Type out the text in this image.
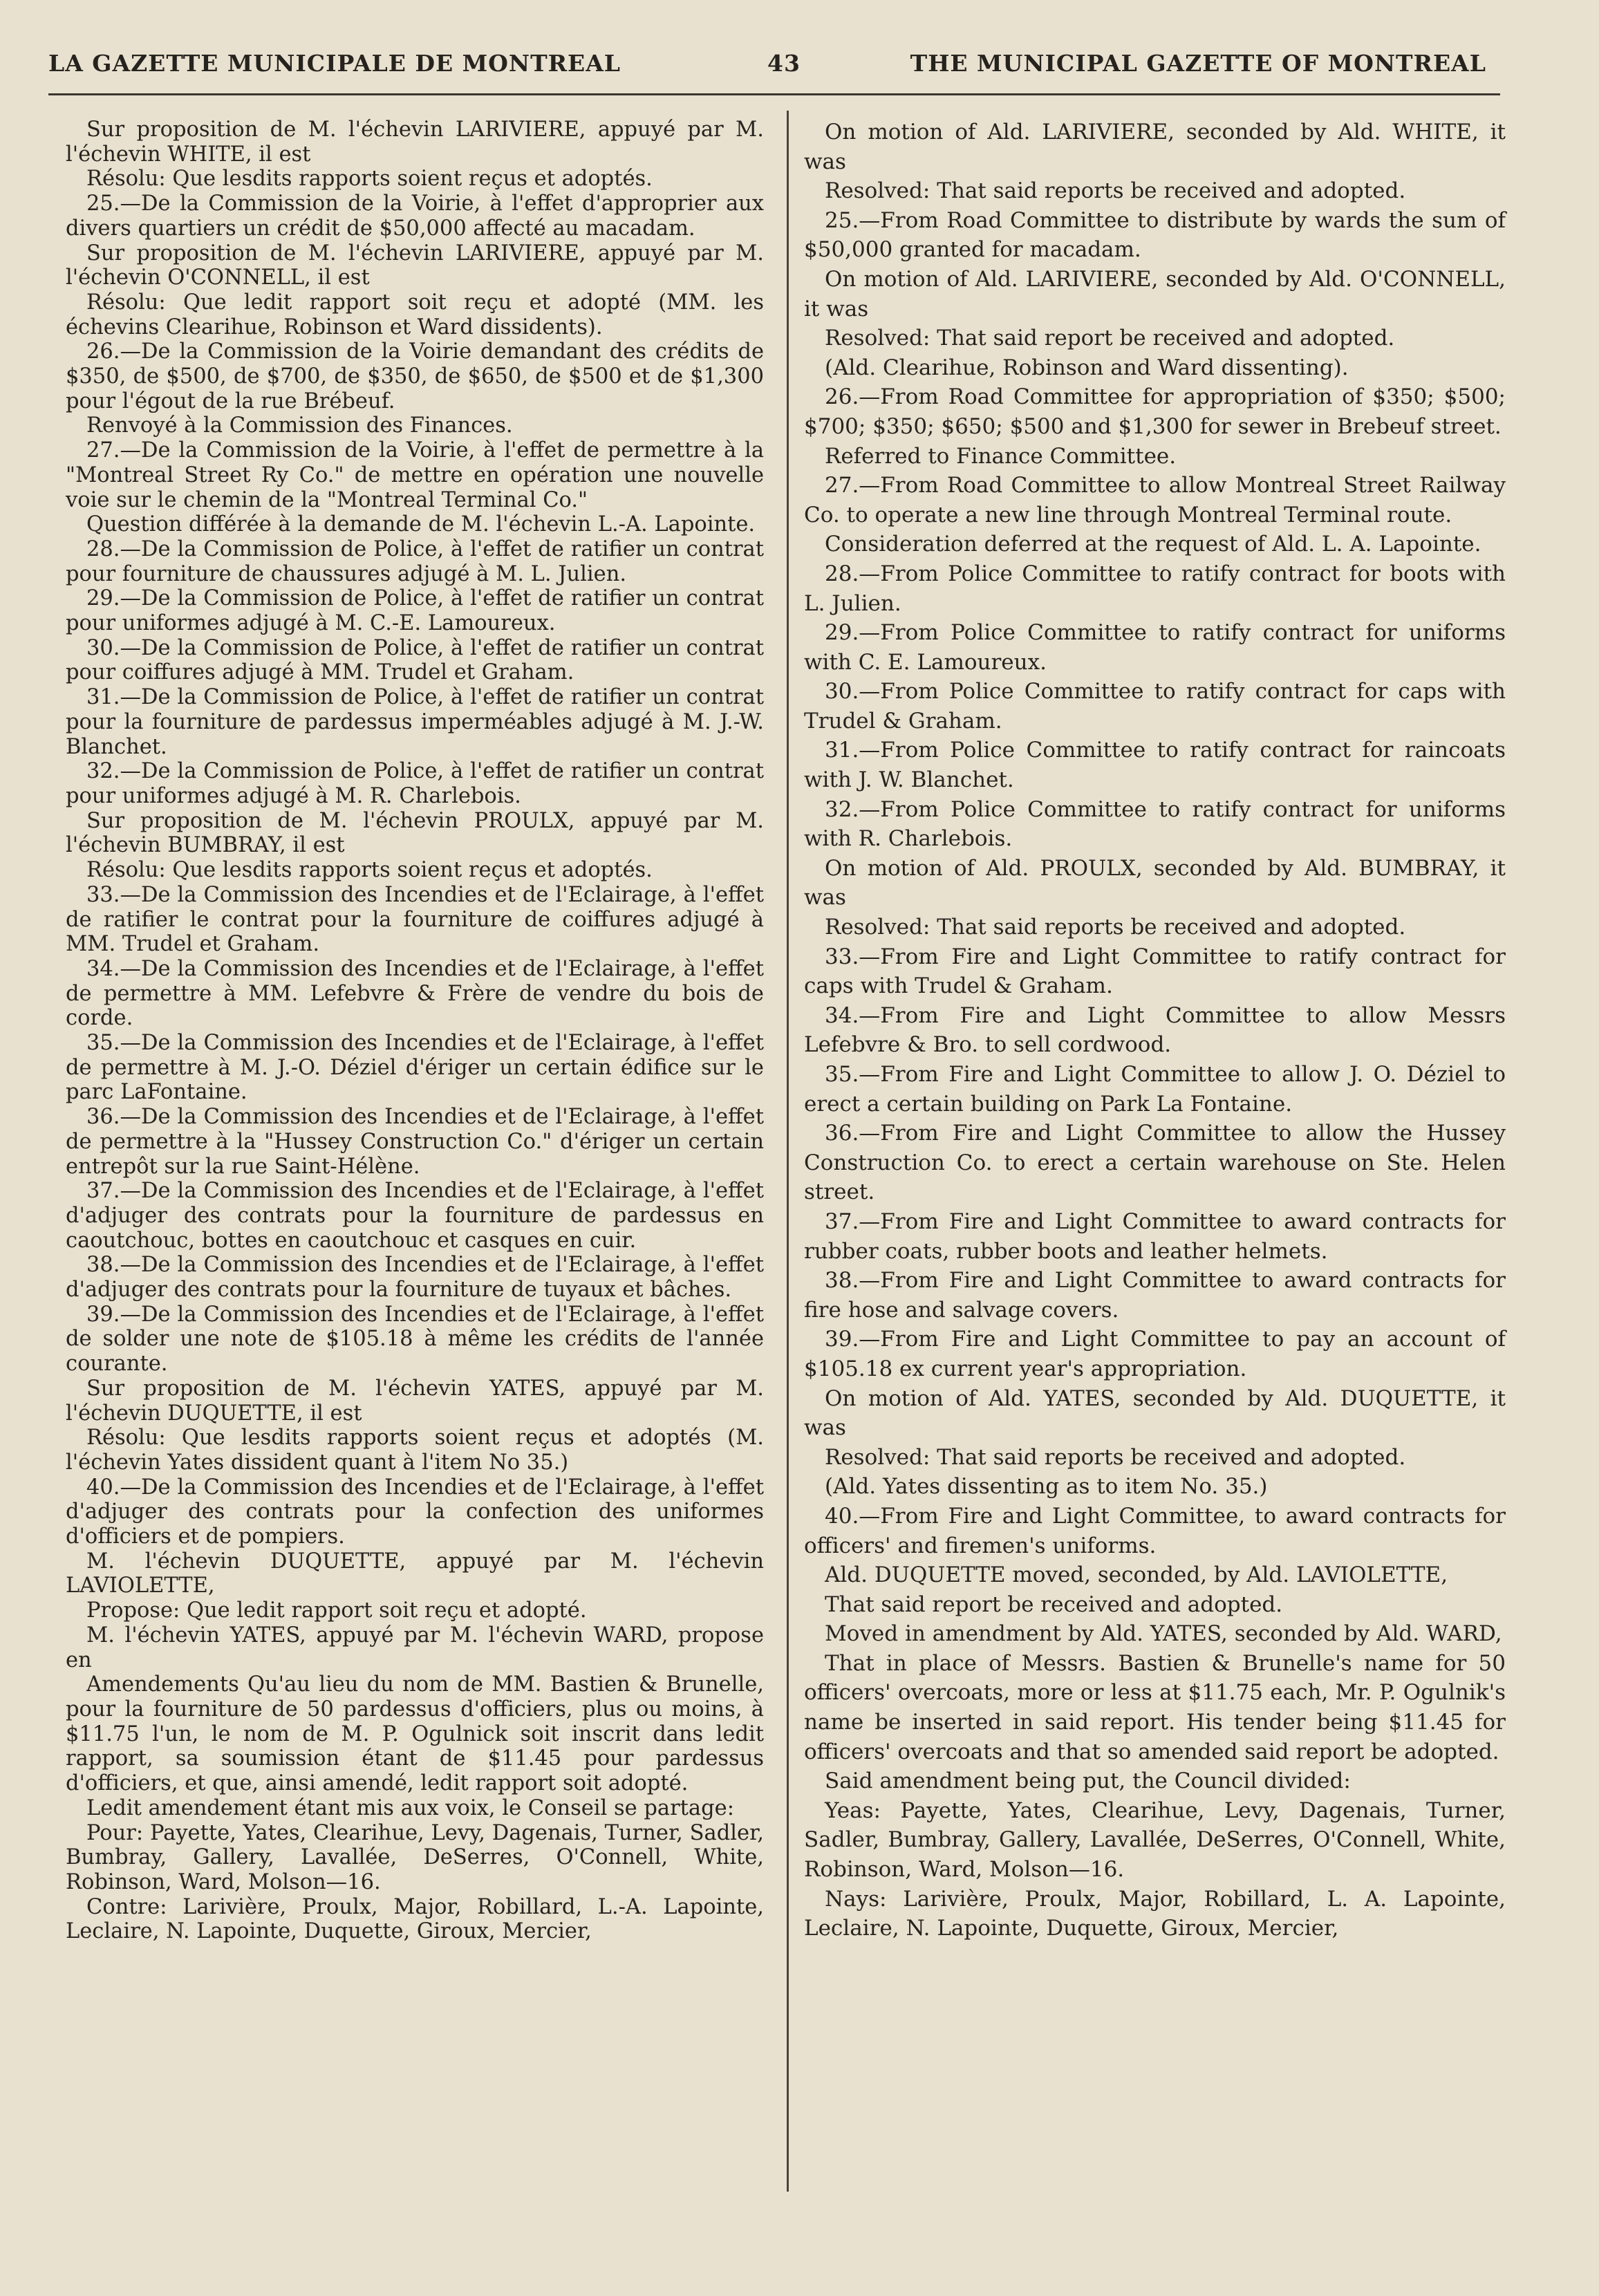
LA GAZETTE MUNICIPALE DE MONTREAL	43	THE MUNICIPAL GAZETTE OF MONTREAL

Sur proposition de M. l'échevin LARIVIERE, appuyé par M. l'échevin WHITE, il est

Résolu: Que lesdits rapports soient reçus et adoptés.

25.—De la Commission de la Voirie, à l'effet d'approprier aux divers quartiers un crédit de $50,000 affecté au macadam.

Sur proposition de M. l'échevin LARIVIERE, appuyé par M. l'échevin O'CONNELL, il est

Résolu: Que ledit rapport soit reçu et adopté (MM. les échevins Clearihue, Robinson et Ward dissidents).

26.—De la Commission de la Voirie demandant des crédits de $350, de $500, de $700, de $350, de $650, de $500 et de $1,300 pour l'égout de la rue Brébeuf.

Renvoyé à la Commission des Finances.

27.—De la Commission de la Voirie, à l'effet de permettre à la "Montreal Street Ry Co." de mettre en opération une nouvelle voie sur le chemin de la "Montreal Terminal Co."

Question différée à la demande de M. l'échevin L.-A. Lapointe.

28.—De la Commission de Police, à l'effet de ratifier un contrat pour fourniture de chaussures adjugé à M. L. Julien.

29.—De la Commission de Police, à l'effet de ratifier un contrat pour uniformes adjugé à M. C.-E. Lamoureux.

30.—De la Commission de Police, à l'effet de ratifier un contrat pour coiffures adjugé à MM. Trudel et Graham.

31.—De la Commission de Police, à l'effet de ratifier un contrat pour la fourniture de pardessus imperméables adjugé à M. J.-W. Blanchet.

32.—De la Commission de Police, à l'effet de ratifier un contrat pour uniformes adjugé à M. R. Charlebois.

Sur proposition de M. l'échevin PROULX, appuyé par M. l'échevin BUMBRAY, il est

Résolu: Que lesdits rapports soient reçus et adoptés.

33.—De la Commission des Incendies et de l'Eclairage, à l'effet de ratifier le contrat pour la fourniture de coiffures adjugé à MM. Trudel et Graham.

34.—De la Commission des Incendies et de l'Eclairage, à l'effet de permettre à MM. Lefebvre & Frère de vendre du bois de corde.

35.—De la Commission des Incendies et de l'Eclairage, à l'effet de permettre à M. J.-O. Déziel d'ériger un certain édifice sur le parc LaFontaine.

36.—De la Commission des Incendies et de l'Eclairage, à l'effet de permettre à la "Hussey Construction Co." d'ériger un certain entrepôt sur la rue Saint-Hélène.

37.—De la Commission des Incendies et de l'Eclairage, à l'effet d'adjuger des contrats pour la fourniture de pardessus en caoutchouc, bottes en caoutchouc et casques en cuir.

38.—De la Commission des Incendies et de l'Eclairage, à l'effet d'adjuger des contrats pour la fourniture de tuyaux et bâches.

39.—De la Commission des Incendies et de l'Eclairage, à l'effet de solder une note de $105.18 à même les crédits de l'année courante.

Sur proposition de M. l'échevin YATES, appuyé par M. l'échevin DUQUETTE, il est

Résolu: Que lesdits rapports soient reçus et adoptés (M. l'échevin Yates dissident quant à l'item No 35.)

40.—De la Commission des Incendies et de l'Eclairage, à l'effet d'adjuger des contrats pour la confection des uniformes d'officiers et de pompiers.

M. l'échevin DUQUETTE, appuyé par M. l'échevin LAVIOLETTE,

Propose: Que ledit rapport soit reçu et adopté.

M. l'échevin YATES, appuyé par M. l'échevin WARD, propose en

Amendements Qu'au lieu du nom de MM. Bastien & Brunelle, pour la fourniture de 50 pardessus d'officiers, plus ou moins, à $11.75 l'un, le nom de M. P. Ogulnick soit inscrit dans ledit rapport, sa soumission étant de $11.45 pour pardessus d'officiers, et que, ainsi amendé, ledit rapport soit adopté.

Ledit amendement étant mis aux voix, le Conseil se partage:

Pour: Payette, Yates, Clearihue, Levy, Dagenais, Turner, Sadler, Bumbray, Gallery, Lavallée, DeSerres, O'Connell, White, Robinson, Ward, Molson—16.

Contre: Larivière, Proulx, Major, Robillard, L.-A. Lapointe, Leclaire, N. Lapointe, Duquette, Giroux, Mercier,

On motion of Ald. LARIVIERE, seconded by Ald. WHITE, it was

Resolved: That said reports be received and adopted.

25.—From Road Committee to distribute by wards the sum of $50,000 granted for macadam.

On motion of Ald. LARIVIERE, seconded by Ald. O'CONNELL, it was

Resolved: That said report be received and adopted.

(Ald. Clearihue, Robinson and Ward dissenting).

26.—From Road Committee for appropriation of $350; $500; $700; $350; $650; $500 and $1,300 for sewer in Brebeuf street.

Referred to Finance Committee.

27.—From Road Committee to allow Montreal Street Railway Co. to operate a new line through Montreal Terminal route.

Consideration deferred at the request of Ald. L. A. Lapointe.

28.—From Police Committee to ratify contract for boots with L. Julien.

29.—From Police Committee to ratify contract for uniforms with C. E. Lamoureux.

30.—From Police Committee to ratify contract for caps with Trudel & Graham.

31.—From Police Committee to ratify contract for raincoats with J. W. Blanchet.

32.—From Police Committee to ratify contract for uniforms with R. Charlebois.

On motion of Ald. PROULX, seconded by Ald. BUMBRAY, it was

Resolved: That said reports be received and adopted.

33.—From Fire and Light Committee to ratify contract for caps with Trudel & Graham.

34.—From Fire and Light Committee to allow Messrs Lefebvre & Bro. to sell cordwood.

35.—From Fire and Light Committee to allow J. O. Déziel to erect a certain building on Park La Fontaine.

36.—From Fire and Light Committee to allow the Hussey Construction Co. to erect a certain warehouse on Ste. Helen street.

37.—From Fire and Light Committee to award contracts for rubber coats, rubber boots and leather helmets.

38.—From Fire and Light Committee to award contracts for fire hose and salvage covers.

39.—From Fire and Light Committee to pay an account of $105.18 ex current year's appropriation.

On motion of Ald. YATES, seconded by Ald. DUQUETTE, it was

Resolved: That said reports be received and adopted.

(Ald. Yates dissenting as to item No. 35.)

40.—From Fire and Light Committee, to award contracts for officers' and firemen's uniforms.

Ald. DUQUETTE moved, seconded, by Ald. LAVIOLETTE,

That said report be received and adopted.

Moved in amendment by Ald. YATES, seconded by Ald. WARD,

That in place of Messrs. Bastien & Brunelle's name for 50 officers' overcoats, more or less at $11.75 each, Mr. P. Ogulnik's name be inserted in said report. His tender being $11.45 for officers' overcoats and that so amended said report be adopted.

Said amendment being put, the Council divided:

Yeas: Payette, Yates, Clearihue, Levy, Dagenais, Turner, Sadler, Bumbray, Gallery, Lavallée, DeSerres, O'Connell, White, Robinson, Ward, Molson—16.

Nays: Larivière, Proulx, Major, Robillard, L. A. Lapointe, Leclaire, N. Lapointe, Duquette, Giroux, Mercier,
